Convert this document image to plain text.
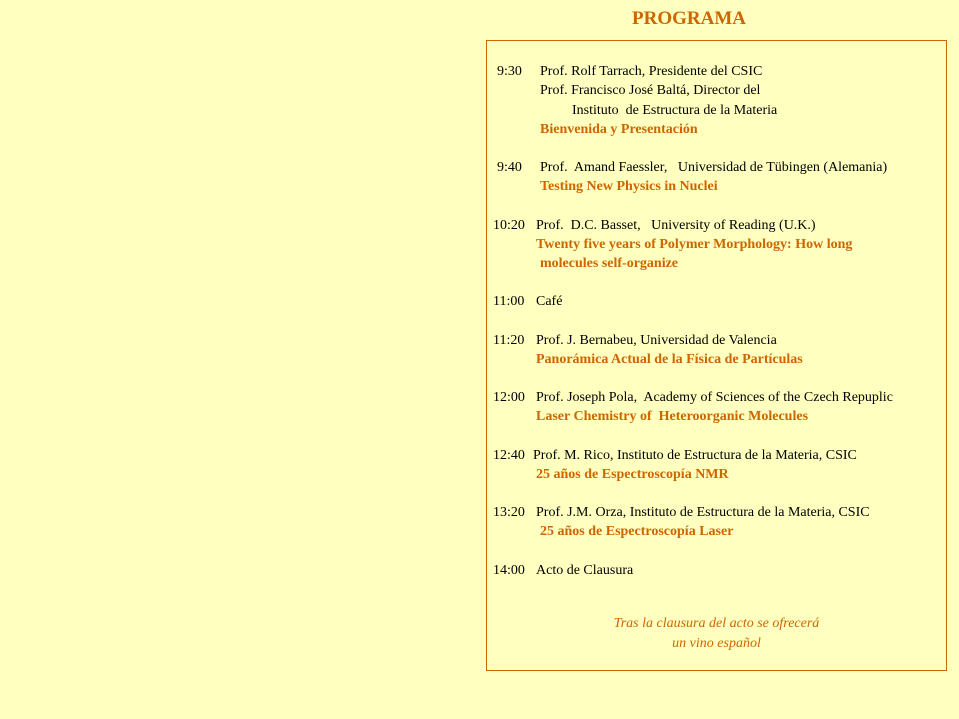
PROGRAMA
9:30 Prof. Rolf Tarrach, Presidente del CSIC
Prof. Francisco José Baltá, Director del
Instituto  de Estructura de la Materia
Bienvenida y Presentación
9:40 Prof.  Amand Faessler,   Universidad de Tübingen (Alemania)
Testing New Physics in Nuclei
10:20 Prof.  D.C. Basset,   University of Reading (U.K.)
Twenty five years of Polymer Morphology: How long
molecules self-organize
11:00 Café
11:20 Prof. J. Bernabeu, Universidad de Valencia
Panorámica Actual de la Física de Partículas
12:00 Prof. Joseph Pola,  Academy of Sciences of the Czech Repuplic
Laser Chemistry of  Heteroorganic Molecules
12:40 Prof. M. Rico, Instituto de Estructura de la Materia, CSIC
25 años de Espectroscopía NMR
13:20 Prof. J.M. Orza, Instituto de Estructura de la Materia, CSIC
25 años de Espectroscopía Laser
14:00 Acto de Clausura
Tras la clausura del acto se ofrecerá
un vino español
